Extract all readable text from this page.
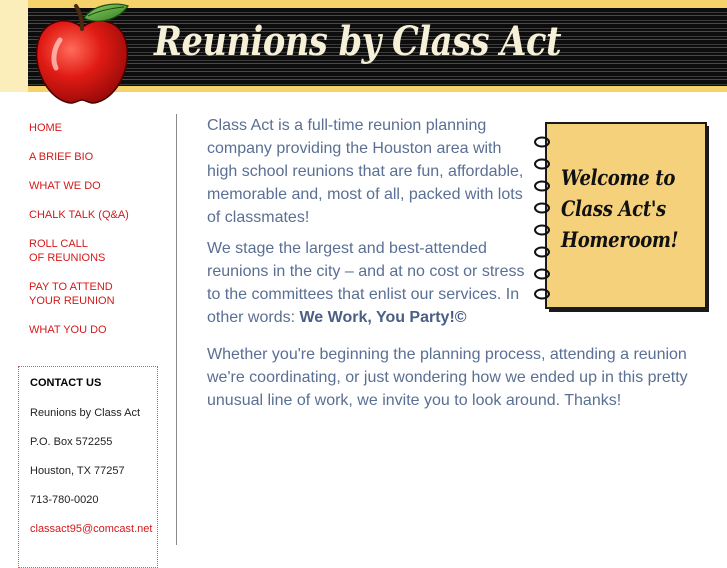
Reunions by Class Act
HOME
A BRIEF BIO
WHAT WE DO
CHALK TALK (Q&A)
ROLL CALL
OF REUNIONS
PAY TO ATTEND
YOUR REUNION
WHAT YOU DO
CONTACT US
Reunions by Class Act
P.O. Box 572255
Houston, TX 77257
713-780-0020
classact95@comcast.net

Class Act is a full-time reunion planning company providing the Houston area with high school reunions that are fun, affordable, memorable and, most of all, packed with lots of classmates!

We stage the largest and best-attended reunions in the city – and at no cost or stress to the committees that enlist our services. In other words: We Work, You Party!©

Whether you're beginning the planning process, attending a reunion we're coordinating, or just wondering how we ended up in this pretty unusual line of work, we invite you to look around. Thanks!

Welcome to
Class Act's
Homeroom!
